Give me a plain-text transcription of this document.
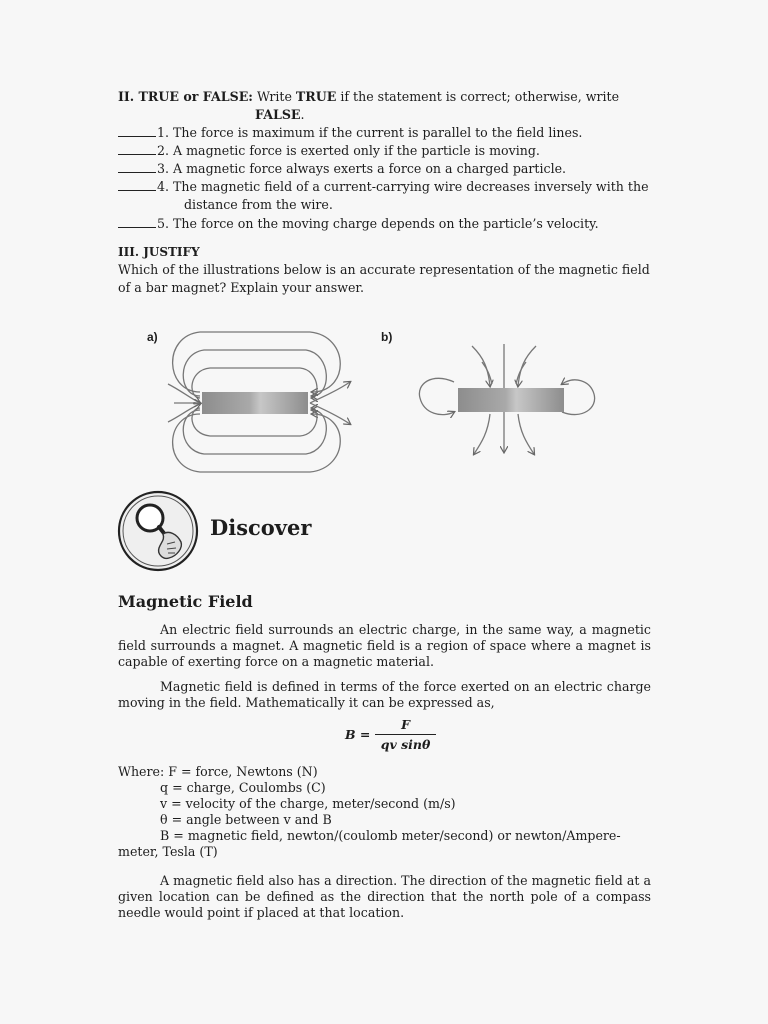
II. TRUE or FALSE: Write TRUE if the statement is correct; otherwise, write
FALSE.
1. The force is maximum if the current is parallel to the field lines.
2. A magnetic force is exerted only if the particle is moving.
3. A magnetic force always exerts a force on a charged particle.
4. The magnetic field of a current-carrying wire decreases inversely with the
distance from the wire.
5. The force on the moving charge depends on the particle’s velocity.
III. JUSTIFY
Which of the illustrations below is an accurate representation of the magnetic field
of a bar magnet? Explain your answer.
a)	b)
Discover
Magnetic Field
An electric field surrounds an electric charge, in the same way, a magnetic field surrounds a magnet. A magnetic field is a region of space where a magnet is capable of exerting force on a magnetic material.
Magnetic field is defined in terms of the force exerted on an electric charge moving in the field. Mathematically it can be expressed as,
$B = \frac{F}{\text{qv sinθ}}$
Where: F = force, Newtons (N)
q = charge, Coulombs (C)
v = velocity of the charge, meter/second (m/s)
θ = angle between v and B
B = magnetic field, newton/(coulomb meter/second) or newton/Ampere-
meter, Tesla (T)
A magnetic field also has a direction. The direction of the magnetic field at a given location can be defined as the direction that the north pole of a compass needle would point if placed at that location.
